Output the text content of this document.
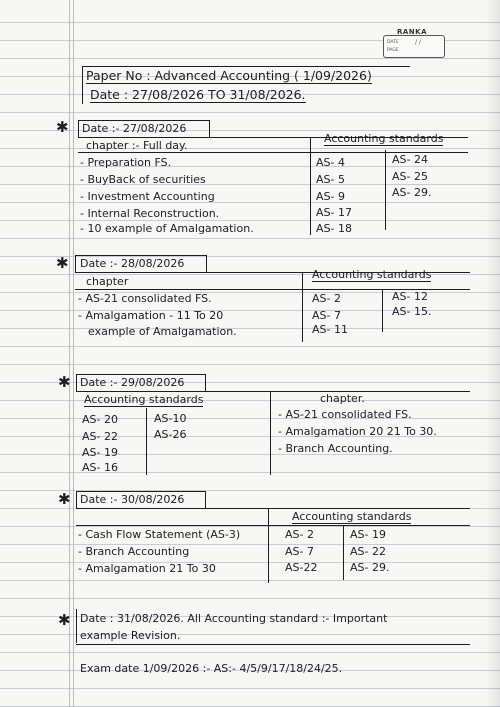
RANKA
DATE	/ /
PAGE
Paper No : Advanced Accounting ( 1/09/2026)
Date : 27/08/2026 TO 31/08/2026.
✱ Date :- 27/08/2026
chapter :- Full day.
Accounting standards
- Preparation FS.
- BuyBack of securities
- Investment Accounting
- Internal Reconstruction.
- 10 example of Amalgamation.
AS- 4
AS- 5
AS- 9
AS- 17
AS- 18
AS- 24
AS- 25
AS- 29.
✱ Date :- 28/08/2026
chapter
Accounting standards
- AS-21 consolidated FS.
- Amalgamation - 11 To 20
example of Amalgamation.
AS- 2
AS- 7
AS- 11
AS- 12
AS- 15.
✱ Date :- 29/08/2026
Accounting standards	chapter.
AS- 20
AS- 22
AS- 19
AS- 16
AS-10
AS-26
- AS-21 consolidated FS.
- Amalgamation 20 21 To 30.
- Branch Accounting.
✱ Date :- 30/08/2026
Accounting standards
- Cash Flow Statement (AS-3)
- Branch Accounting
- Amalgamation 21 To 30
AS- 2
AS- 7
AS-22
AS- 19
AS- 22
AS- 29.
✱ Date : 31/08/2026. All Accounting standard :- Important
example Revision.
Exam date 1/09/2026 :- AS:- 4/5/9/17/18/24/25.
